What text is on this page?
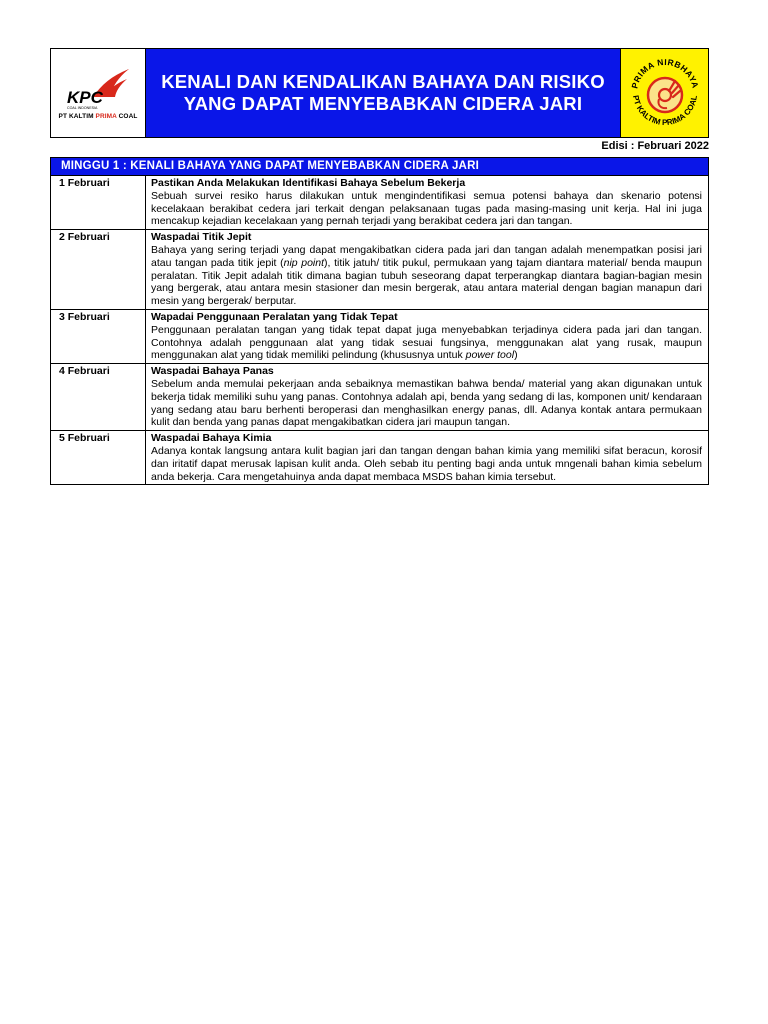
KPC
COAL INDONESIA
PT KALTIM PRIMA COAL
KENALI DAN KENDALIKAN BAHAYA DAN RISIKO
YANG DAPAT MENYEBABKAN CIDERA JARI
PRIMA NIRBHAYA
PT KALTIM PRIMA COAL
Edisi : Februari 2022
MINGGU 1 : KENALI BAHAYA YANG DAPAT MENYEBABKAN CIDERA JARI
1 Februari	Pastikan Anda Melakukan Identifikasi Bahaya Sebelum Bekerja
Sebuah survei resiko harus dilakukan untuk mengindentifikasi semua potensi bahaya dan skenario potensi kecelakaan berakibat cedera jari terkait dengan pelaksanaan tugas pada masing-masing unit kerja. Hal ini juga mencakup kejadian kecelakaan yang pernah terjadi yang berakibat cedera jari dan tangan.
2 Februari	Waspadai Titik Jepit
Bahaya yang sering terjadi yang dapat mengakibatkan cidera pada jari dan tangan adalah menempatkan posisi jari atau tangan pada titik jepit (nip point), titik jatuh/ titik pukul, permukaan yang tajam diantara material/ benda maupun peralatan. Titik Jepit adalah titik dimana bagian tubuh seseorang dapat terperangkap diantara bagian-bagian mesin yang bergerak, atau antara mesin stasioner dan mesin bergerak, atau antara material dengan bagian manapun dari mesin yang bergerak/ berputar.
3 Februari	Wapadai Penggunaan Peralatan yang Tidak Tepat
Penggunaan peralatan tangan yang tidak tepat dapat juga menyebabkan terjadinya cidera pada jari dan tangan. Contohnya adalah penggunaan alat yang tidak sesuai fungsinya, menggunakan alat yang rusak, maupun menggunakan alat yang tidak memiliki pelindung (khususnya untuk power tool)
4 Februari	Waspadai Bahaya Panas
Sebelum anda memulai pekerjaan anda sebaiknya memastikan bahwa benda/ material yang akan digunakan untuk bekerja tidak memiliki suhu yang panas. Contohnya adalah api, benda yang sedang di las, komponen unit/ kendaraan yang sedang atau baru berhenti beroperasi dan menghasilkan energy panas, dll. Adanya kontak antara permukaan kulit dan benda yang panas dapat mengakibatkan cidera jari maupun tangan.
5 Februari	Waspadai Bahaya Kimia
Adanya kontak langsung antara kulit bagian jari dan tangan dengan bahan kimia yang memiliki sifat beracun, korosif dan iritatif dapat merusak lapisan kulit anda. Oleh sebab itu penting bagi anda untuk mngenali bahan kimia sebelum anda bekerja. Cara mengetahuinya anda dapat membaca MSDS bahan kimia tersebut.
